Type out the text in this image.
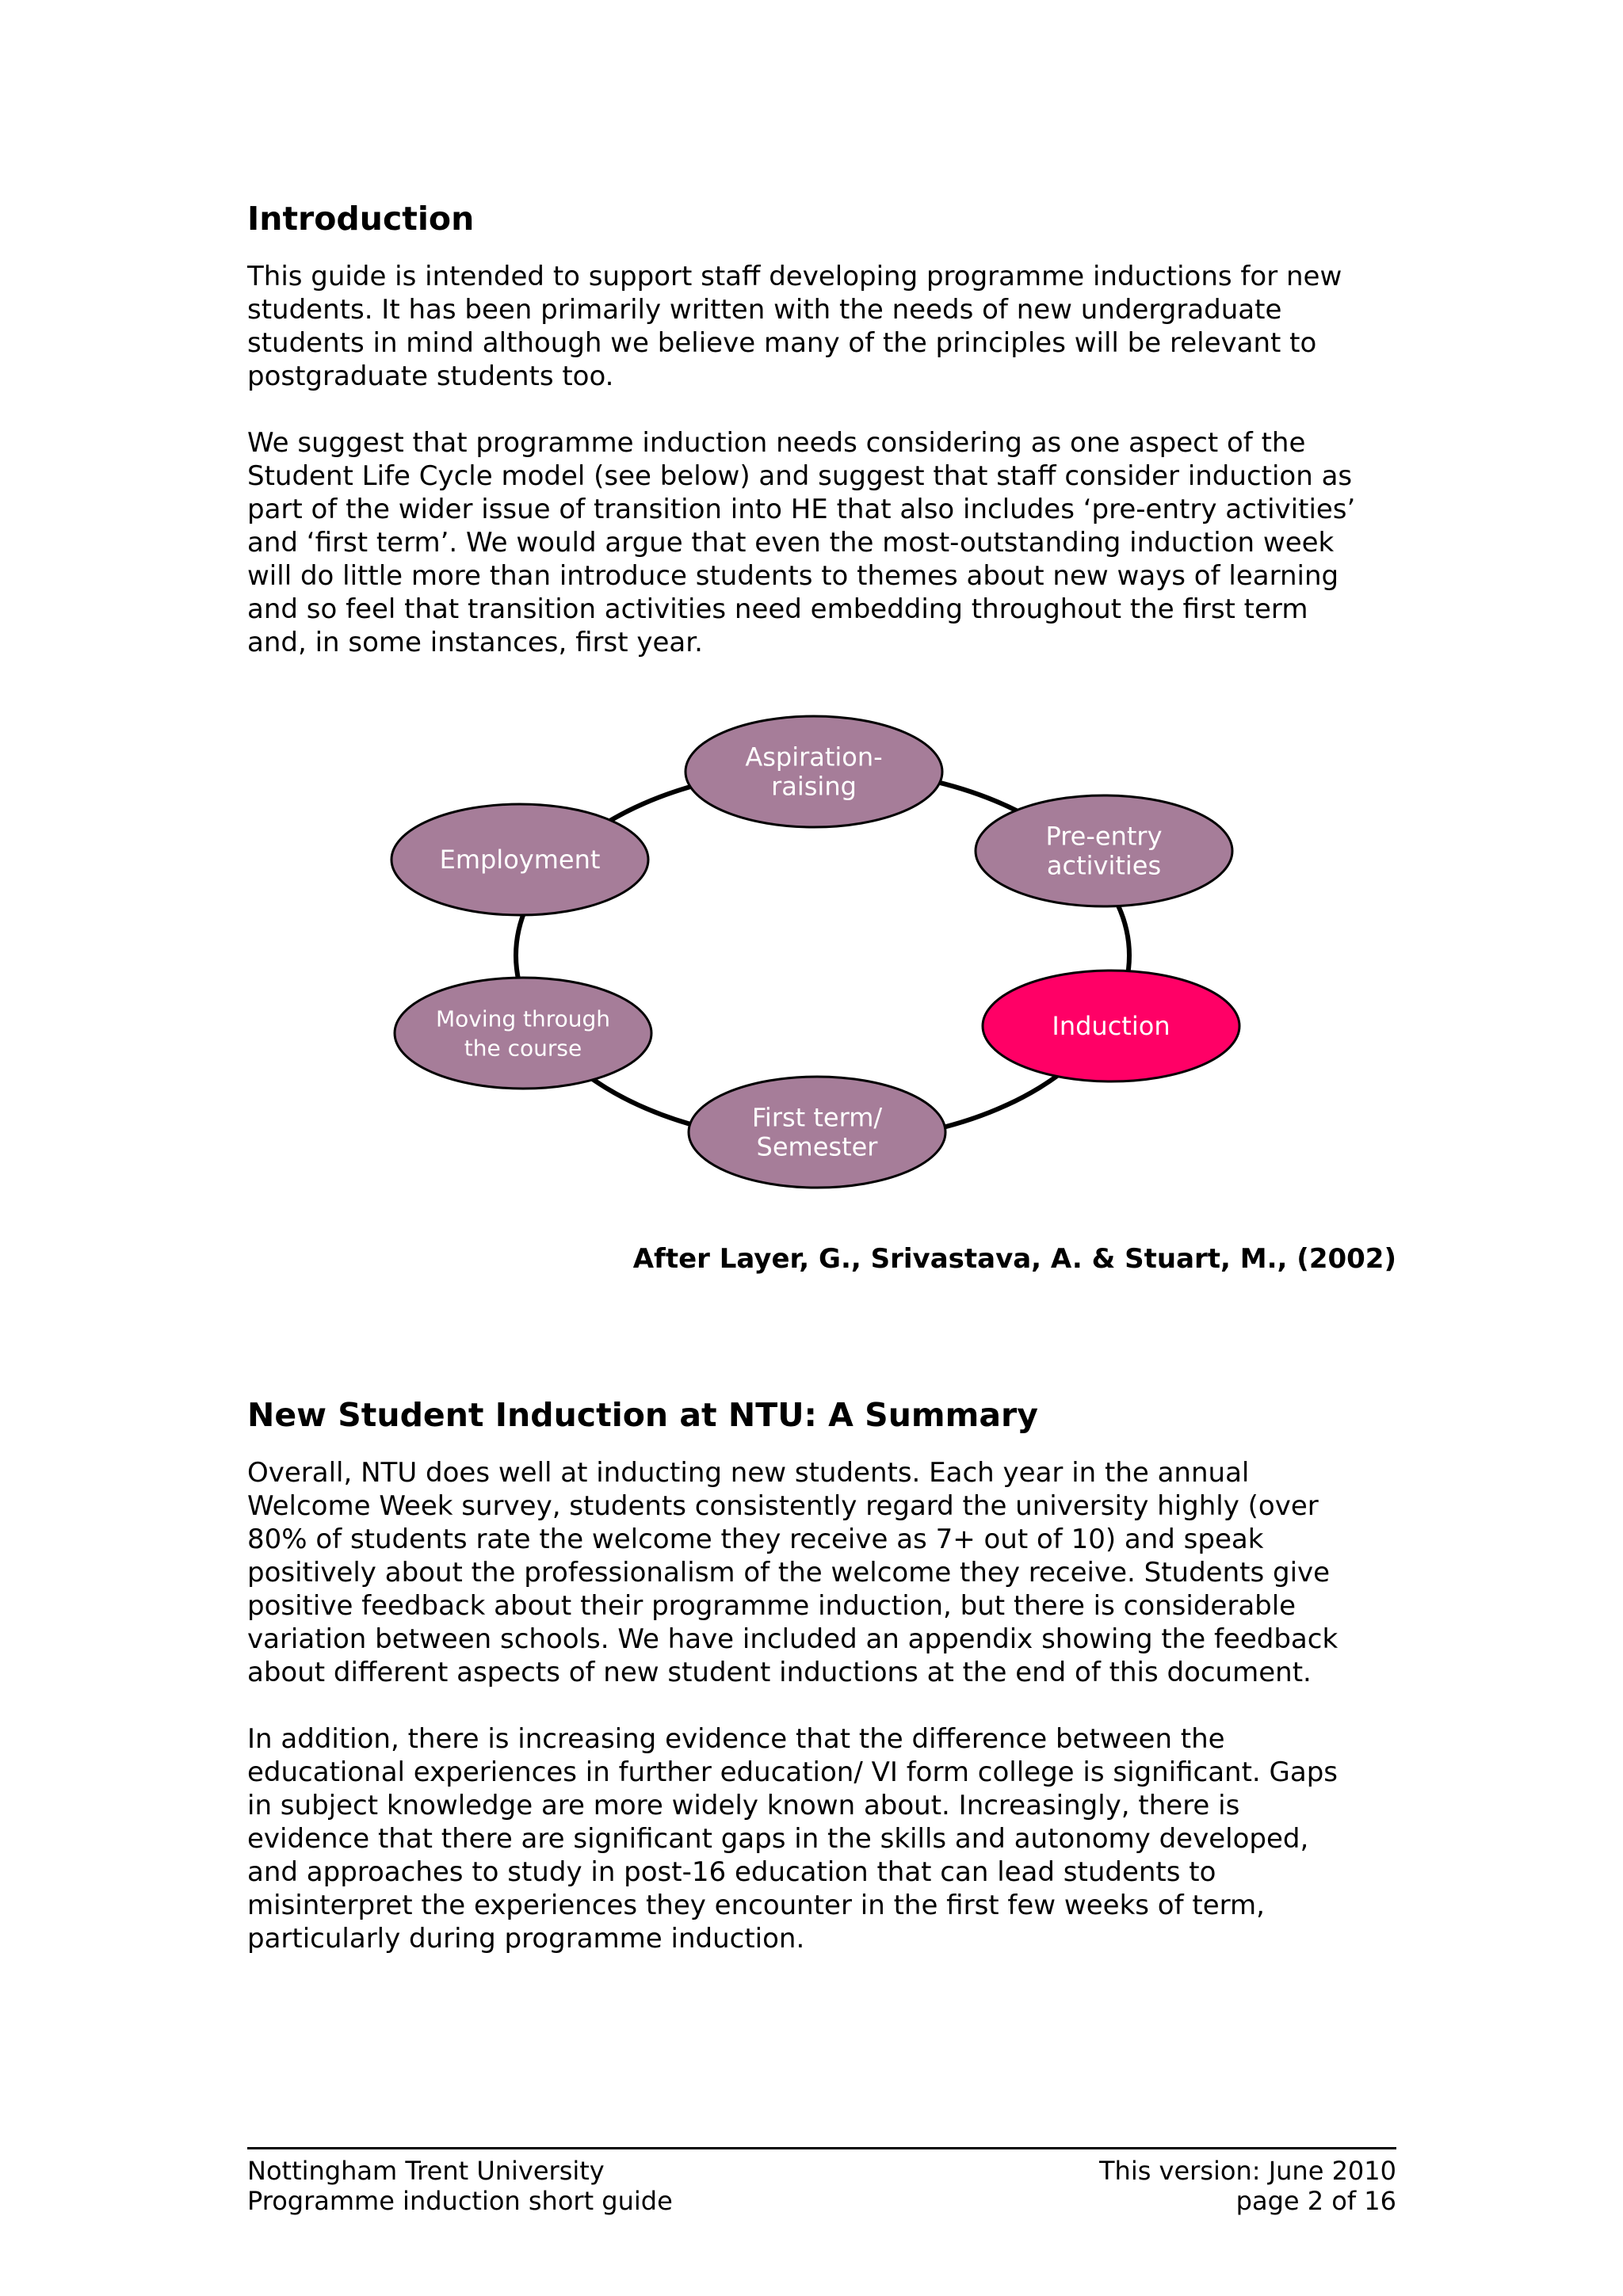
Introduction

This guide is intended to support staff developing programme inductions for new
students. It has been primarily written with the needs of new undergraduate
students in mind although we believe many of the principles will be relevant to
postgraduate students too.

We suggest that programme induction needs considering as one aspect of the
Student Life Cycle model (see below) and suggest that staff consider induction as
part of the wider issue of transition into HE that also includes ‘pre-entry activities’
and ‘first term’. We would argue that even the most-outstanding induction week
will do little more than introduce students to themes about new ways of learning
and so feel that transition activities need embedding throughout the first term
and, in some instances, first year.

Aspiration-
raising
Pre-entry
activities
Induction
First term/
Semester
Moving through
the course
Employment
After Layer, G., Srivastava, A. & Stuart, M., (2002)
New Student Induction at NTU: A Summary

Overall, NTU does well at inducting new students. Each year in the annual
Welcome Week survey, students consistently regard the university highly (over
80% of students rate the welcome they receive as 7+ out of 10) and speak
positively about the professionalism of the welcome they receive. Students give
positive feedback about their programme induction, but there is considerable
variation between schools. We have included an appendix showing the feedback
about different aspects of new student inductions at the end of this document.

In addition, there is increasing evidence that the difference between the
educational experiences in further education/ VI form college is significant. Gaps
in subject knowledge are more widely known about. Increasingly, there is
evidence that there are significant gaps in the skills and autonomy developed,
and approaches to study in post-16 education that can lead students to
misinterpret the experiences they encounter in the first few weeks of term,
particularly during programme induction.

Nottingham Trent University	This version: June 2010
Programme induction short guide	page 2 of 16
